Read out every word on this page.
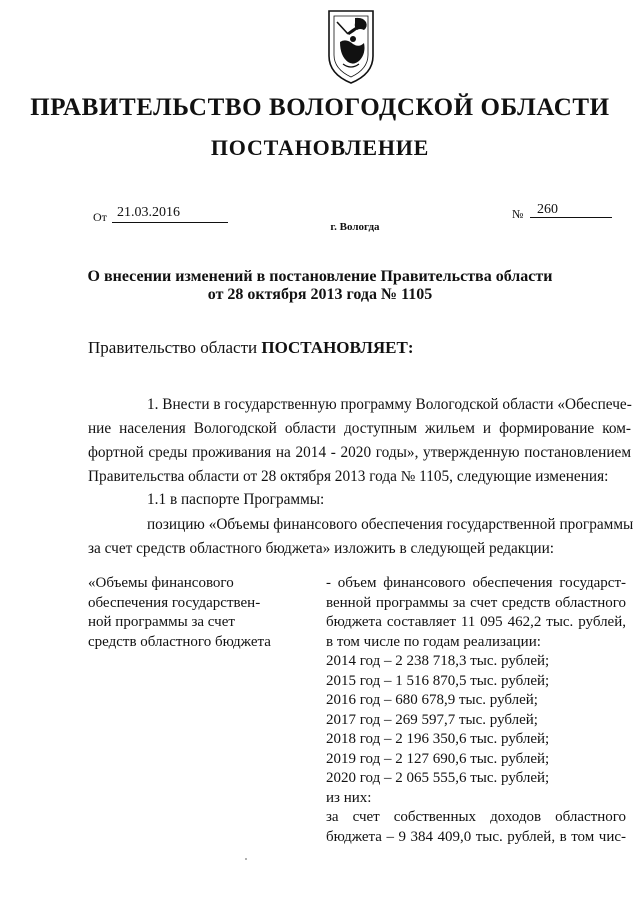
ПРАВИТЕЛЬСТВО ВОЛОГОДСКОЙ ОБЛАСТИ
ПОСТАНОВЛЕНИЕ
От 21.03.2016	№ 260
г. Вологда
О внесении изменений в постановление Правительства области
от 28 октября 2013 года № 1105
Правительство области ПОСТАНОВЛЯЕТ:
1. Внести в государственную программу Вологодской области «Обеспече-
ние населения Вологодской области доступным жильем и формирование ком-
фортной среды проживания на 2014 - 2020 годы», утвержденную постановлением
Правительства области от 28 октября 2013 года № 1105, следующие изменения:
1.1 в паспорте Программы:
позицию «Объемы финансового обеспечения государственной программы
за счет средств областного бюджета» изложить в следующей редакции:
«Объемы финансового
обеспечения государствен-
ной программы за счет
средств областного бюджета
- объем финансового обеспечения государст-
венной программы за счет средств областного
бюджета составляет 11 095 462,2 тыс. рублей,
в том числе по годам реализации:
2014 год – 2 238 718,3 тыс. рублей;
2015 год – 1 516 870,5 тыс. рублей;
2016 год – 680 678,9 тыс. рублей;
2017 год – 269 597,7 тыс. рублей;
2018 год – 2 196 350,6 тыс. рублей;
2019 год – 2 127 690,6 тыс. рублей;
2020 год – 2 065 555,6 тыс. рублей;
из них:
за счет собственных доходов областного
бюджета – 9 384 409,0 тыс. рублей, в том чис-
